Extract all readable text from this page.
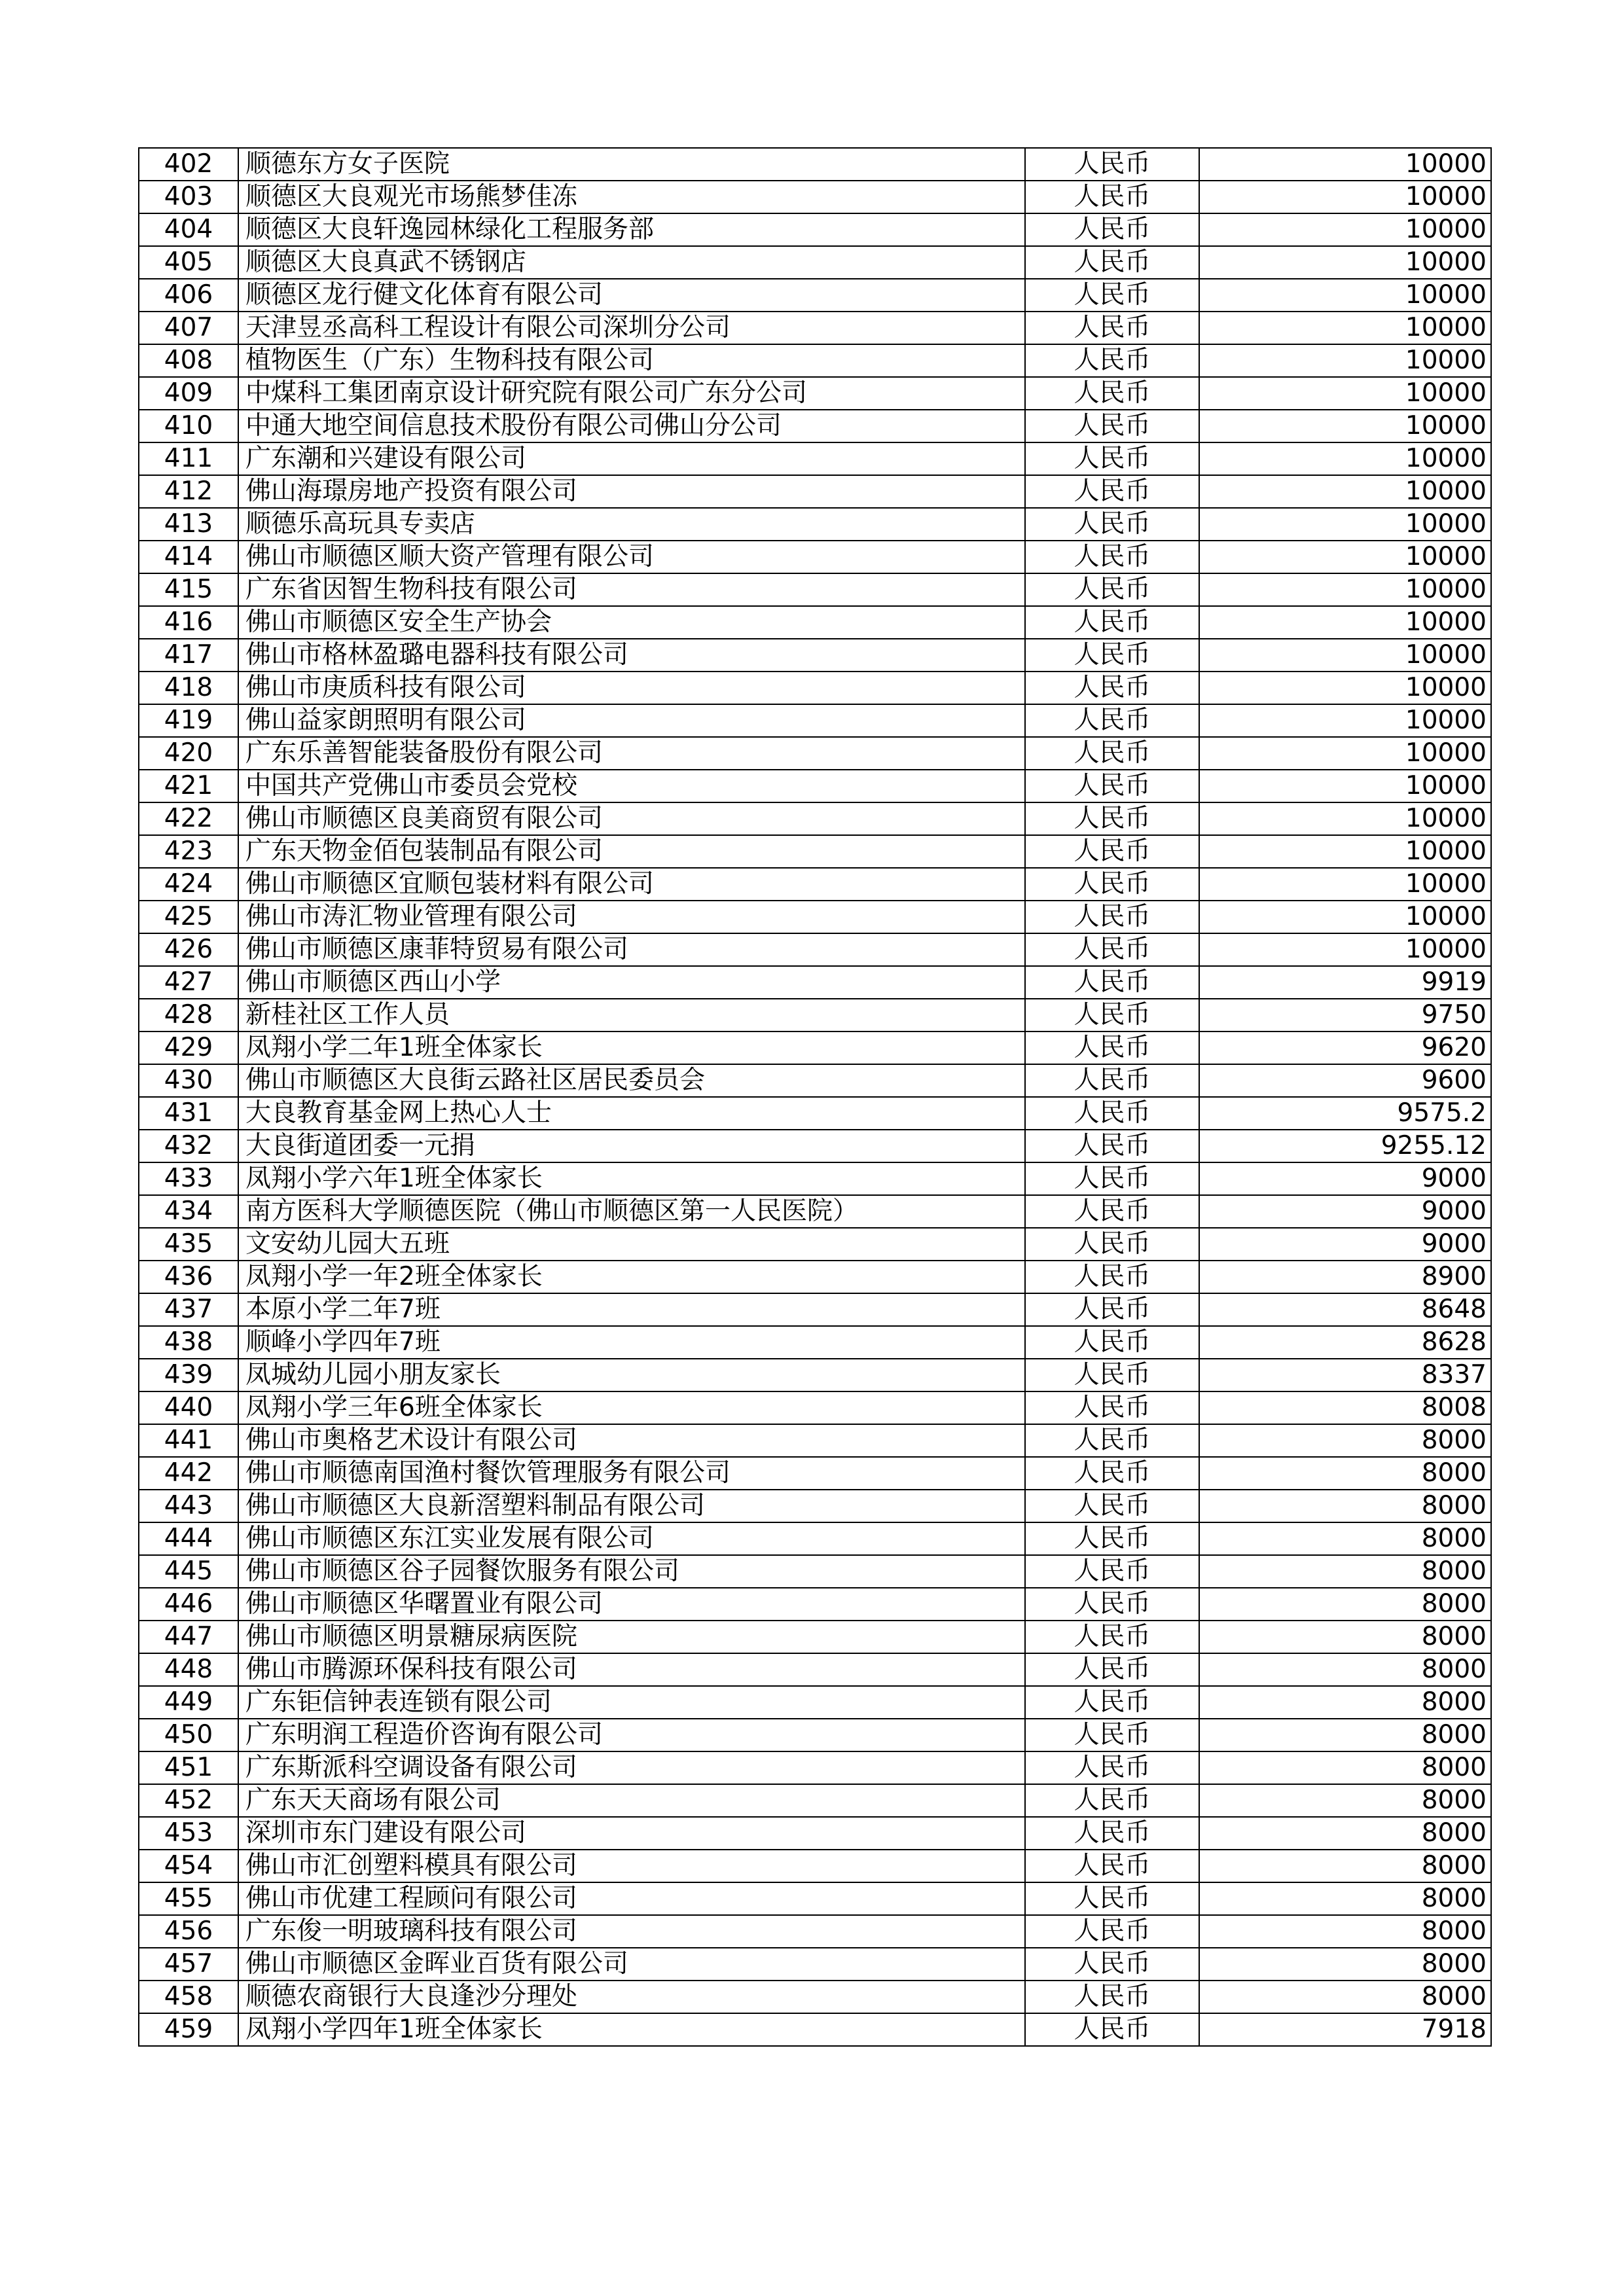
402	顺德东方女子医院	人民币	10000
403	顺德区大良观光市场熊梦佳冻	人民币	10000
404	顺德区大良轩逸园林绿化工程服务部	人民币	10000
405	顺德区大良真武不锈钢店	人民币	10000
406	顺德区龙行健文化体育有限公司	人民币	10000
407	天津昱丞高科工程设计有限公司深圳分公司	人民币	10000
408	植物医生（广东）生物科技有限公司	人民币	10000
409	中煤科工集团南京设计研究院有限公司广东分公司	人民币	10000
410	中通大地空间信息技术股份有限公司佛山分公司	人民币	10000
411	广东潮和兴建设有限公司	人民币	10000
412	佛山海璟房地产投资有限公司	人民币	10000
413	顺德乐高玩具专卖店	人民币	10000
414	佛山市顺德区顺大资产管理有限公司	人民币	10000
415	广东省因智生物科技有限公司	人民币	10000
416	佛山市顺德区安全生产协会	人民币	10000
417	佛山市格林盈璐电器科技有限公司	人民币	10000
418	佛山市庚质科技有限公司	人民币	10000
419	佛山益家朗照明有限公司	人民币	10000
420	广东乐善智能装备股份有限公司	人民币	10000
421	中国共产党佛山市委员会党校	人民币	10000
422	佛山市顺德区良美商贸有限公司	人民币	10000
423	广东天物金佰包装制品有限公司	人民币	10000
424	佛山市顺德区宜顺包装材料有限公司	人民币	10000
425	佛山市涛汇物业管理有限公司	人民币	10000
426	佛山市顺德区康菲特贸易有限公司	人民币	10000
427	佛山市顺德区西山小学	人民币	9919
428	新桂社区工作人员	人民币	9750
429	凤翔小学二年1班全体家长	人民币	9620
430	佛山市顺德区大良街云路社区居民委员会	人民币	9600
431	大良教育基金网上热心人士	人民币	9575.2
432	大良街道团委一元捐	人民币	9255.12
433	凤翔小学六年1班全体家长	人民币	9000
434	南方医科大学顺德医院（佛山市顺德区第一人民医院）	人民币	9000
435	文安幼儿园大五班	人民币	9000
436	凤翔小学一年2班全体家长	人民币	8900
437	本原小学二年7班	人民币	8648
438	顺峰小学四年7班	人民币	8628
439	凤城幼儿园小朋友家长	人民币	8337
440	凤翔小学三年6班全体家长	人民币	8008
441	佛山市奥格艺术设计有限公司	人民币	8000
442	佛山市顺德南国渔村餐饮管理服务有限公司	人民币	8000
443	佛山市顺德区大良新滘塑料制品有限公司	人民币	8000
444	佛山市顺德区东江实业发展有限公司	人民币	8000
445	佛山市顺德区谷子园餐饮服务有限公司	人民币	8000
446	佛山市顺德区华曙置业有限公司	人民币	8000
447	佛山市顺德区明景糖尿病医院	人民币	8000
448	佛山市腾源环保科技有限公司	人民币	8000
449	广东钜信钟表连锁有限公司	人民币	8000
450	广东明润工程造价咨询有限公司	人民币	8000
451	广东斯派科空调设备有限公司	人民币	8000
452	广东天天商场有限公司	人民币	8000
453	深圳市东门建设有限公司	人民币	8000
454	佛山市汇创塑料模具有限公司	人民币	8000
455	佛山市优建工程顾问有限公司	人民币	8000
456	广东俊一明玻璃科技有限公司	人民币	8000
457	佛山市顺德区金晖业百货有限公司	人民币	8000
458	顺德农商银行大良逢沙分理处	人民币	8000
459	凤翔小学四年1班全体家长	人民币	7918
